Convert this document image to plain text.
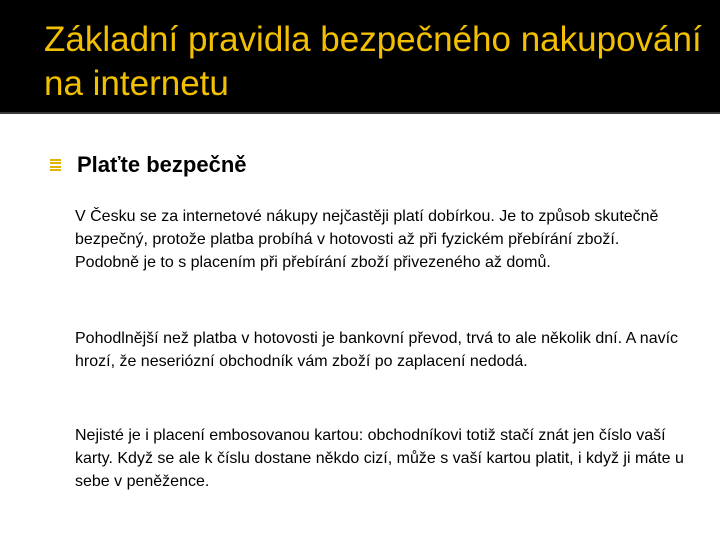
Základní pravidla bezpečného nakupování na internetu
Plaťte bezpečně

V Česku se za internetové nákupy nejčastěji platí dobírkou. Je to způsob skutečně bezpečný, protože platba probíhá v hotovosti až při fyzickém přebírání zboží. Podobně je to s placením při přebírání zboží přivezeného až domů.

Pohodlnější než platba v hotovosti je bankovní převod, trvá to ale několik dní. A navíc hrozí, že neseriózní obchodník vám zboží po zaplacení nedodá.

Nejisté je i placení embosovanou kartou: obchodníkovi totiž stačí znát jen číslo vaší karty. Když se ale k číslu dostane někdo cizí, může s vaší kartou platit, i když ji máte u sebe v peněžence.
